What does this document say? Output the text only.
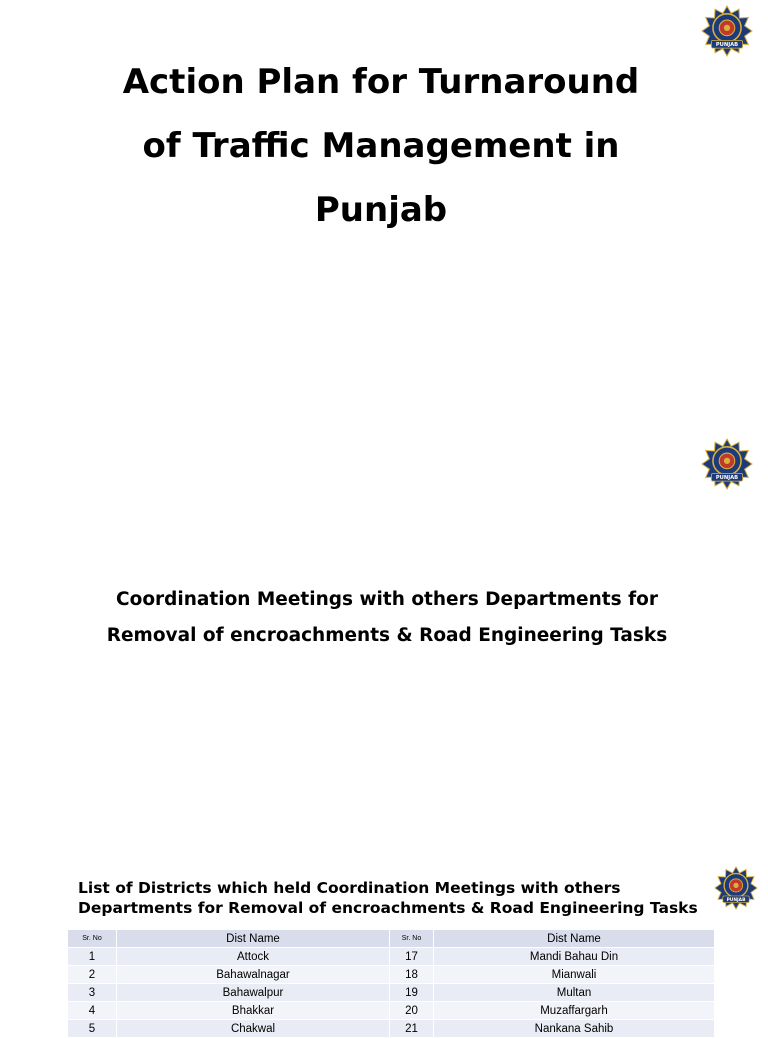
PUNJAB
Action Plan for Turnaround
of Traffic Management in
Punjab
PUNJAB
Coordination Meetings with others Departments for
Removal of encroachments & Road Engineering Tasks
PUNJAB
List of Districts which held Coordination Meetings with others Departments for Removal of encroachments & Road Engineering Tasks
Sr. No	Dist Name	Sr. No	Dist Name
1	Attock	17	Mandi Bahau Din
2	Bahawalnagar	18	Mianwali
3	Bahawalpur	19	Multan
4	Bhakkar	20	Muzaffargarh
5	Chakwal	21	Nankana Sahib
